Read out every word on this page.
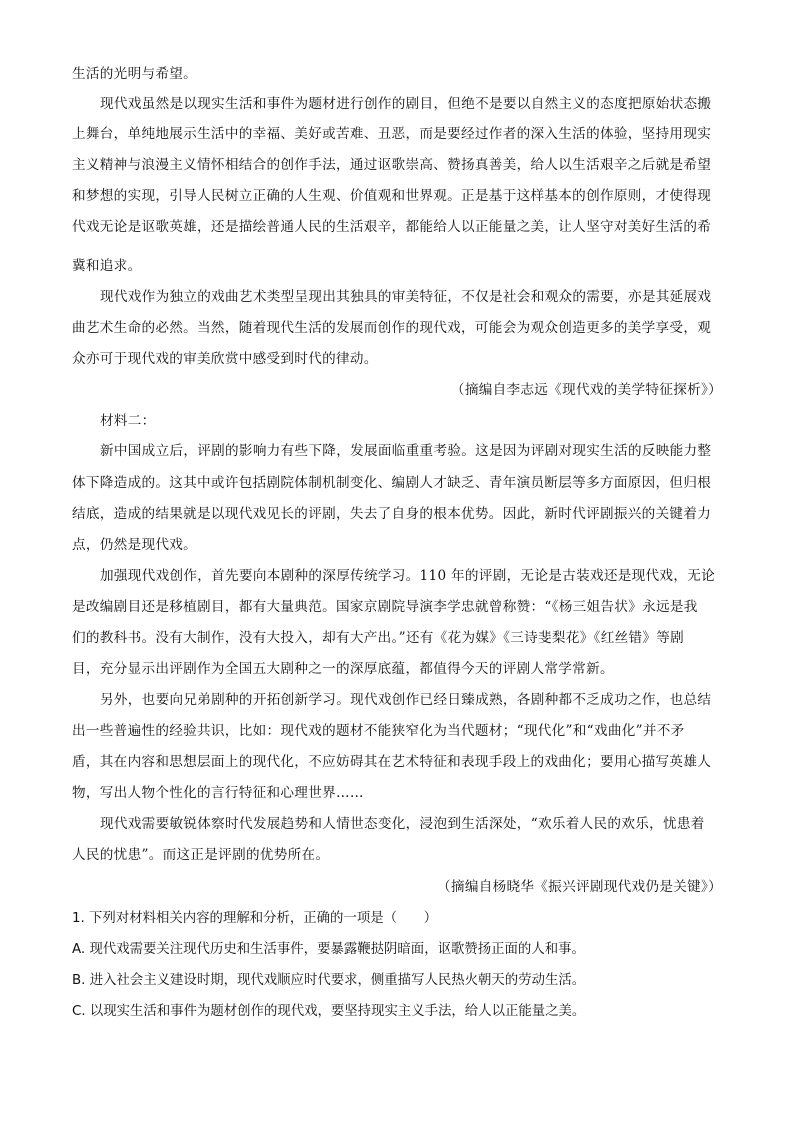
生活的光明与希望。
现代戏虽然是以现实生活和事件为题材进行创作的剧目，但绝不是要以自然主义的态度把原始状态搬
上舞台，单纯地展示生活中的幸福、美好或苦难、丑恶，而是要经过作者的深入生活的体验，坚持用现实
主义精神与浪漫主义情怀相结合的创作手法，通过讴歌崇高、赞扬真善美，给人以生活艰辛之后就是希望
和梦想的实现，引导人民树立正确的人生观、价值观和世界观。正是基于这样基本的创作原则，才使得现
代戏无论是讴歌英雄，还是描绘普通人民的生活艰辛，都能给人以正能量之美，让人坚守对美好生活的希
冀和追求。
现代戏作为独立的戏曲艺术类型呈现出其独具的审美特征，不仅是社会和观众的需要，亦是其延展戏
曲艺术生命的必然。当然，随着现代生活的发展而创作的现代戏，可能会为观众创造更多的美学享受，观
众亦可于现代戏的审美欣赏中感受到时代的律动。
（摘编自李志远《现代戏的美学特征探析》）
材料二：
新中国成立后，评剧的影响力有些下降，发展面临重重考验。这是因为评剧对现实生活的反映能力整
体下降造成的。这其中或许包括剧院体制机制变化、编剧人才缺乏、青年演员断层等多方面原因，但归根
结底，造成的结果就是以现代戏见长的评剧，失去了自身的根本优势。因此，新时代评剧振兴的关键着力
点，仍然是现代戏。
加强现代戏创作，首先要向本剧种的深厚传统学习。110 年的评剧，无论是古装戏还是现代戏，无论
是改编剧目还是移植剧目，都有大量典范。国家京剧院导演李学忠就曾称赞：“《杨三姐告状》永远是我
们的教科书。没有大制作，没有大投入，却有大产出。”还有《花为媒》《三诗斐梨花》《红丝错》等剧
目，充分显示出评剧作为全国五大剧种之一的深厚底蕴，都值得今天的评剧人常学常新。
另外，也要向兄弟剧种的开拓创新学习。现代戏创作已经日臻成熟，各剧种都不乏成功之作，也总结
出一些普遍性的经验共识，比如：现代戏的题材不能狭窄化为当代题材；“现代化”和“戏曲化”并不矛
盾，其在内容和思想层面上的现代化，不应妨碍其在艺术特征和表现手段上的戏曲化；要用心描写英雄人
物，写出人物个性化的言行特征和心理世界……
现代戏需要敏锐体察时代发展趋势和人情世态变化，浸泡到生活深处，“欢乐着人民的欢乐，忧患着
人民的忧患”。而这正是评剧的优势所在。
（摘编自杨晓华《振兴评剧现代戏仍是关键》）
1. 下列对材料相关内容的理解和分析，正确的一项是（　　）
A. 现代戏需要关注现代历史和生活事件，要暴露鞭挞阴暗面，讴歌赞扬正面的人和事。
B. 进入社会主义建设时期，现代戏顺应时代要求，侧重描写人民热火朝天的劳动生活。
C. 以现实生活和事件为题材创作的现代戏，要坚持现实主义手法，给人以正能量之美。
